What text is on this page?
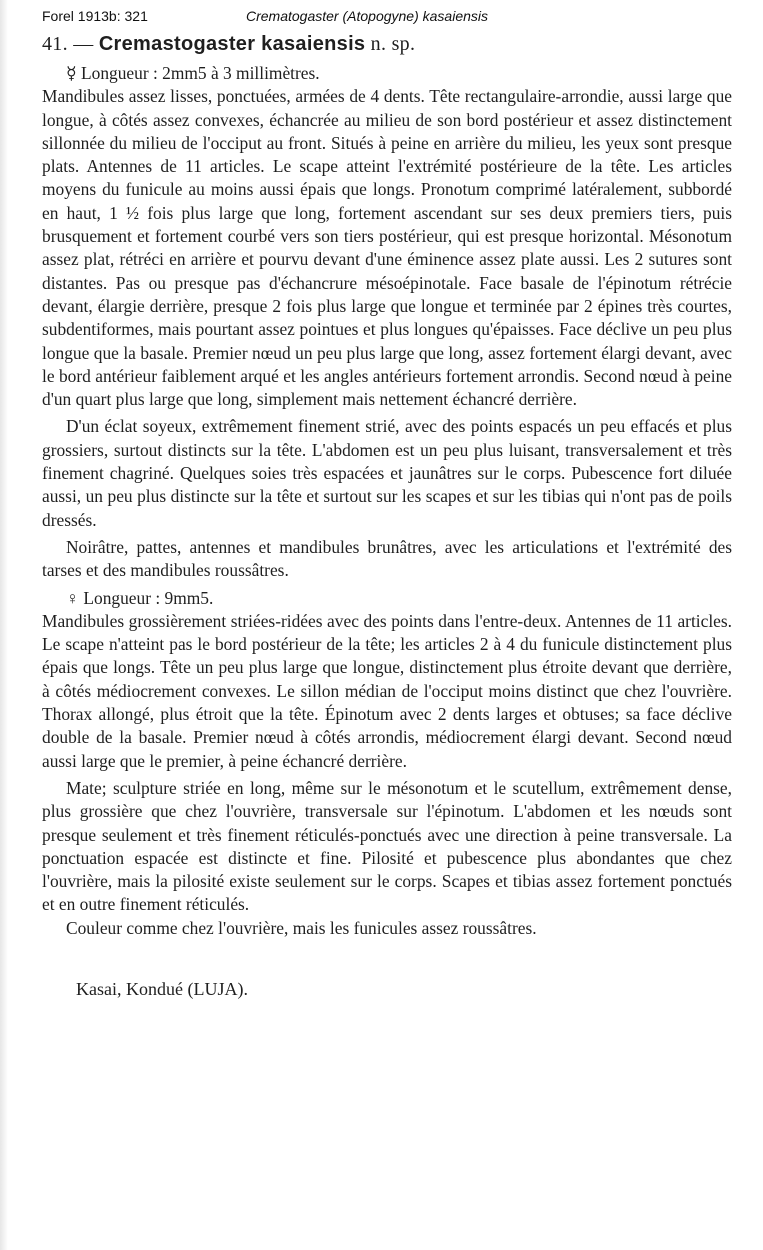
Forel 1913b: 321	Crematogaster (Atopogyne) kasaiensis
41. — Cremastogaster kasaiensis n. sp.

☿ Longueur : 2mm5 à 3 millimètres.

Mandibules assez lisses, ponctuées, armées de 4 dents. Tête rectangulaire-arrondie, aussi large que longue, à côtés assez convexes, échancrée au milieu de son bord postérieur et assez distinctement sillonnée du milieu de l'occiput au front. Situés à peine en arrière du milieu, les yeux sont presque plats. Antennes de 11 articles. Le scape atteint l'extrémité postérieure de la tête. Les articles moyens du funicule au moins aussi épais que longs. Pronotum comprimé latéralement, subbordé en haut, 1 ½ fois plus large que long, fortement ascendant sur ses deux premiers tiers, puis brusquement et fortement courbé vers son tiers postérieur, qui est presque horizontal. Mésonotum assez plat, rétréci en arrière et pourvu devant d'une éminence assez plate aussi. Les 2 sutures sont distantes. Pas ou presque pas d'échancrure mésoépinotale. Face basale de l'épinotum rétrécie devant, élargie derrière, presque 2 fois plus large que longue et terminée par 2 épines très courtes, subdentiformes, mais pourtant assez pointues et plus longues qu'épaisses. Face déclive un peu plus longue que la basale. Premier nœud un peu plus large que long, assez fortement élargi devant, avec le bord antérieur faiblement arqué et les angles antérieurs fortement arrondis. Second nœud à peine d'un quart plus large que long, simplement mais nettement échancré derrière.

D'un éclat soyeux, extrêmement finement strié, avec des points espacés un peu effacés et plus grossiers, surtout distincts sur la tête. L'abdomen est un peu plus luisant, transversalement et très finement chagriné. Quelques soies très espacées et jaunâtres sur le corps. Pubescence fort diluée aussi, un peu plus distincte sur la tête et surtout sur les scapes et sur les tibias qui n'ont pas de poils dressés.

Noirâtre, pattes, antennes et mandibules brunâtres, avec les articulations et l'extrémité des tarses et des mandibules roussâtres.

♀ Longueur : 9mm5.

Mandibules grossièrement striées-ridées avec des points dans l'entre-deux. Antennes de 11 articles. Le scape n'atteint pas le bord postérieur de la tête; les articles 2 à 4 du funicule distinctement plus épais que longs. Tête un peu plus large que longue, distinctement plus étroite devant que derrière, à côtés médiocrement convexes. Le sillon médian de l'occiput moins distinct que chez l'ouvrière. Thorax allongé, plus étroit que la tête. Épinotum avec 2 dents larges et obtuses; sa face déclive double de la basale. Premier nœud à côtés arrondis, médiocrement élargi devant. Second nœud aussi large que le premier, à peine échancré derrière.

Mate; sculpture striée en long, même sur le mésonotum et le scutellum, extrêmement dense, plus grossière que chez l'ouvrière, transversale sur l'épinotum. L'abdomen et les nœuds sont presque seulement et très finement réticulés-ponctués avec une direction à peine transversale. La ponctuation espacée est distincte et fine. Pilosité et pubescence plus abondantes que chez l'ouvrière, mais la pilosité existe seulement sur le corps. Scapes et tibias assez fortement ponctués et en outre finement réticulés.

Couleur comme chez l'ouvrière, mais les funicules assez roussâtres.

Kasai, Kondué (LUJA).
